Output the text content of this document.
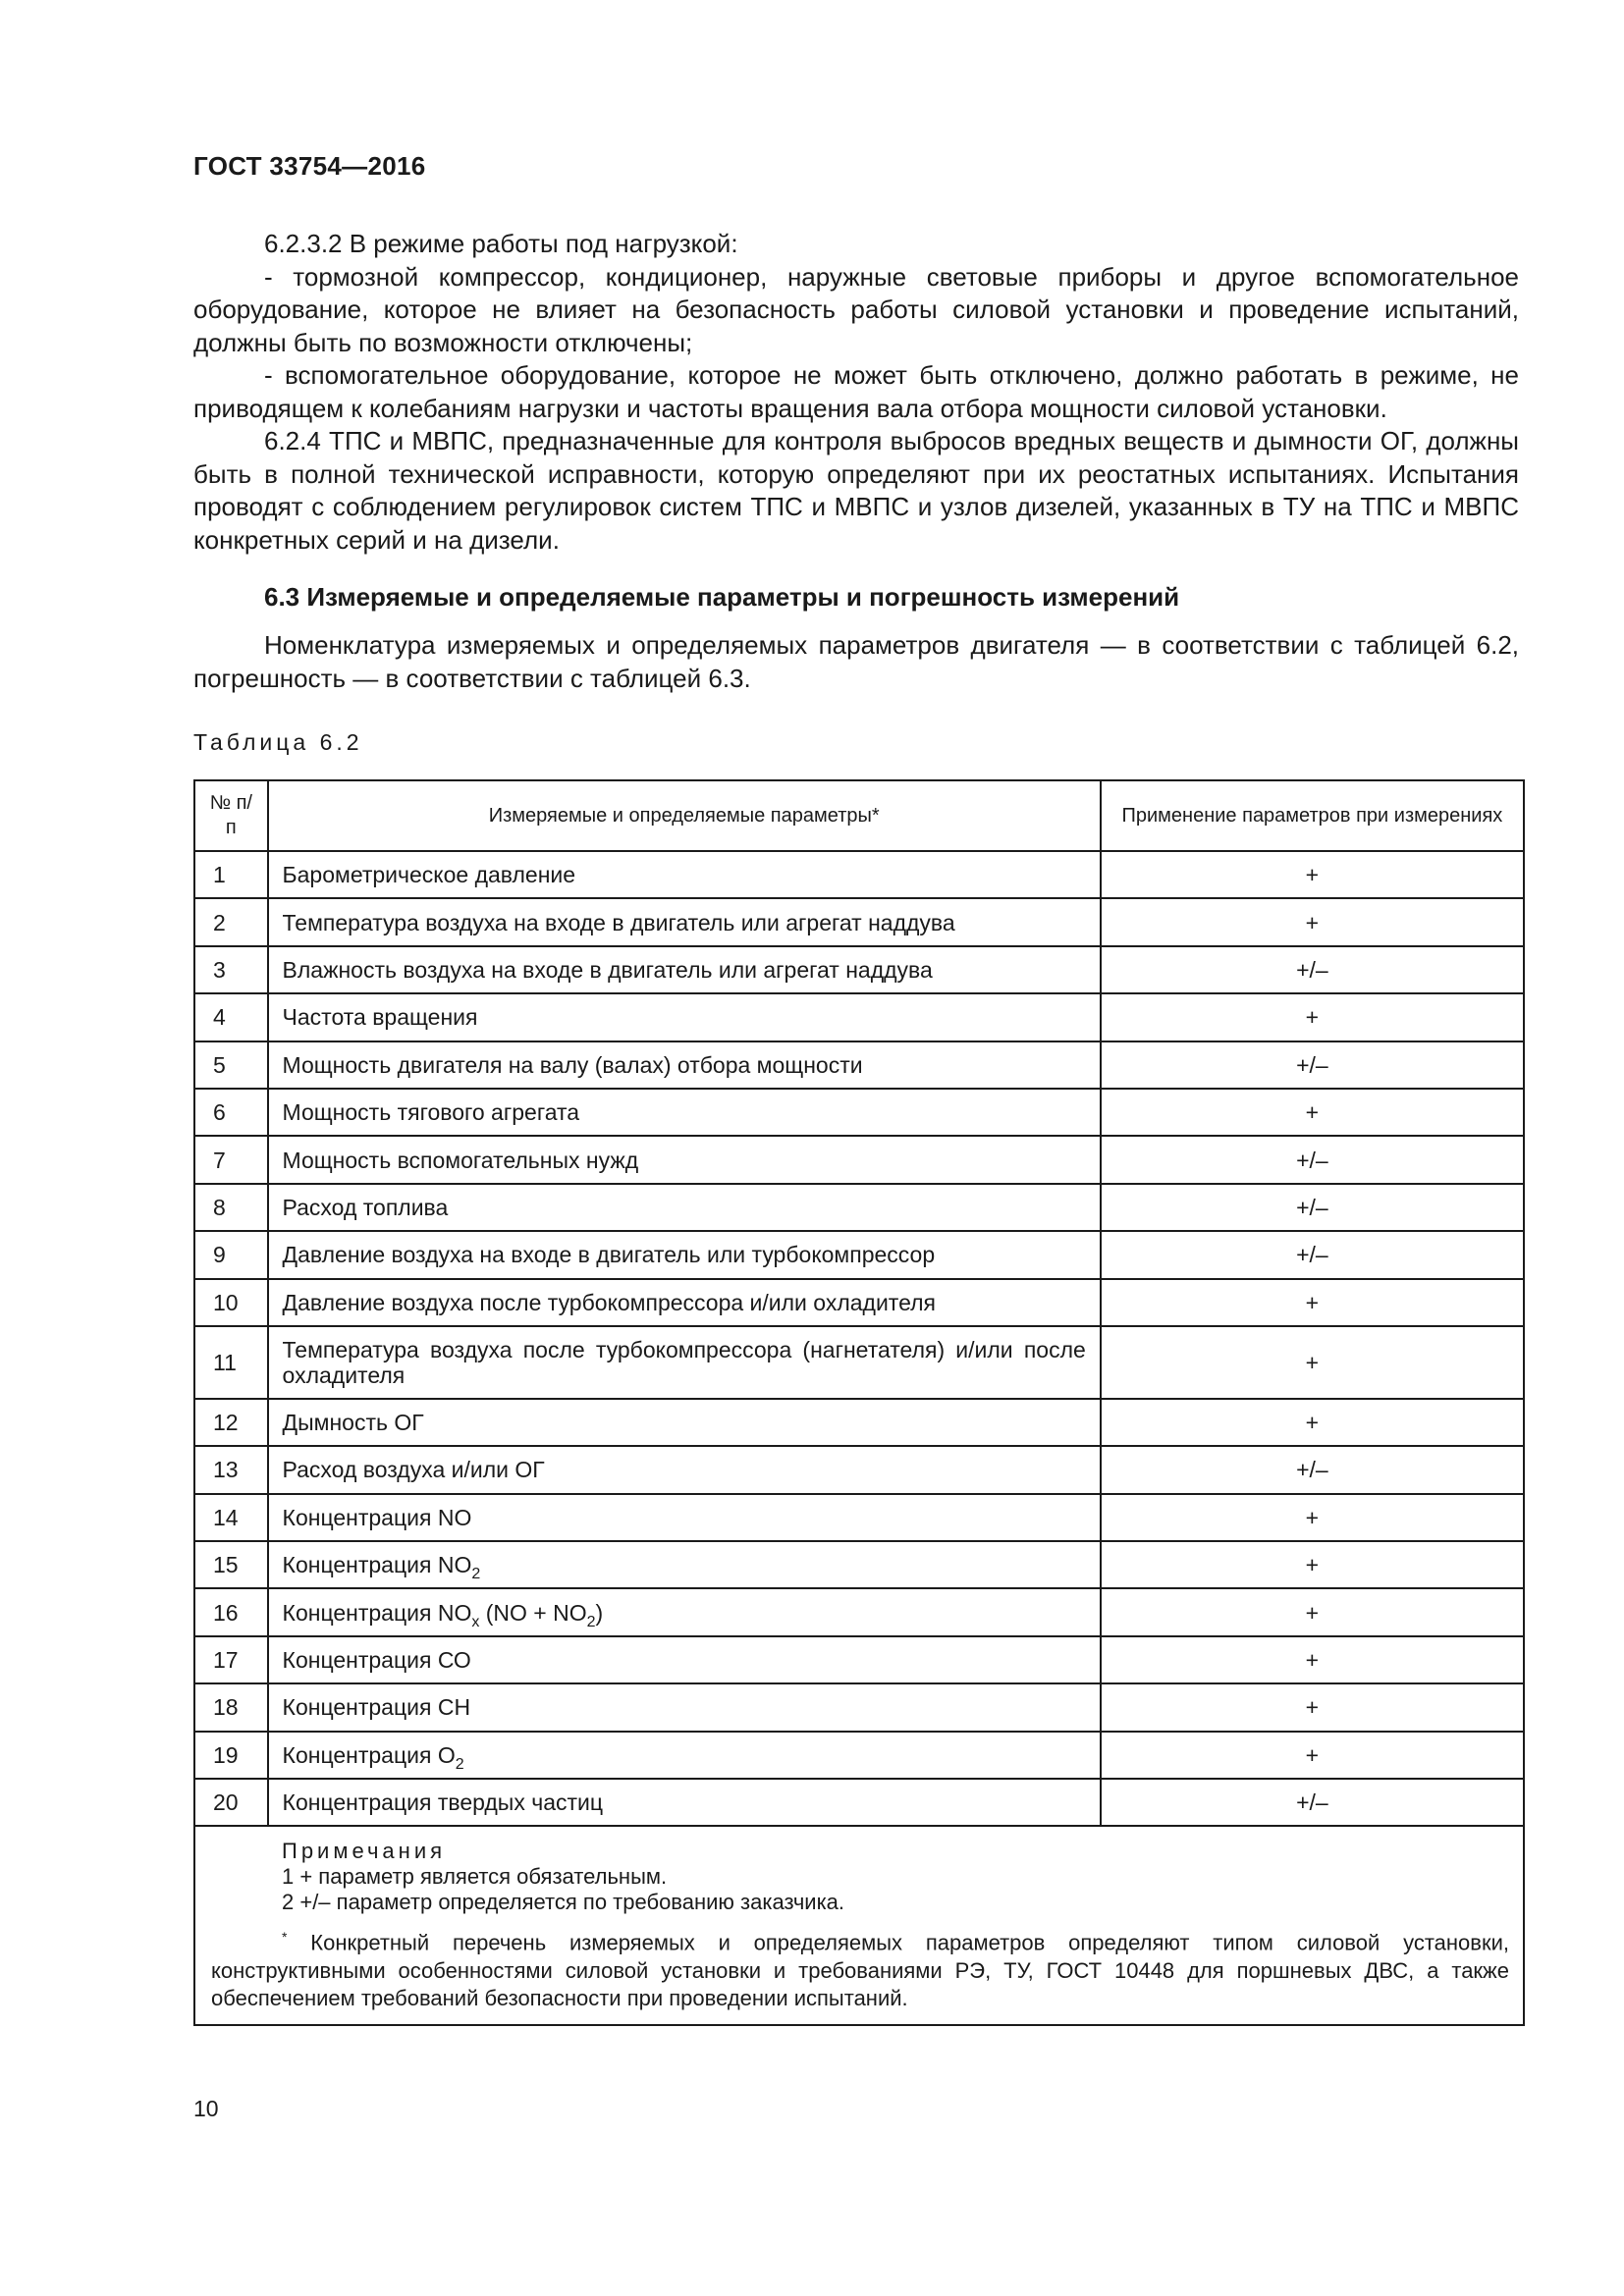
ГОСТ 33754—2016

6.2.3.2 В режиме работы под нагрузкой:

- тормозной компрессор, кондиционер, наружные световые приборы и другое вспомогательное оборудование, которое не влияет на безопасность работы силовой установки и проведение испытаний, должны быть по возможности отключены;

- вспомогательное оборудование, которое не может быть отключено, должно работать в режиме, не приводящем к колебаниям нагрузки и частоты вращения вала отбора мощности силовой установки.

6.2.4 ТПС и МВПС, предназначенные для контроля выбросов вредных веществ и дымности ОГ, должны быть в полной технической исправности, которую определяют при их реостатных испытаниях. Испытания проводят с соблюдением регулировок систем ТПС и МВПС и узлов дизелей, указанных в ТУ на ТПС и МВПС конкретных серий и на дизели.

6.3 Измеряемые и определяемые параметры и погрешность измерений

Номенклатура измеряемых и определяемых параметров двигателя — в соответствии с таблицей 6.2, погрешность — в соответствии с таблицей 6.3.

Таблица 6.2
№ п/п	Измеряемые и определяемые параметры*	Применение параметров при измерениях
1	Барометрическое давление	+
2	Температура воздуха на входе в двигатель или агрегат наддува	+
3	Влажность воздуха на входе в двигатель или агрегат наддува	+/–
4	Частота вращения	+
5	Мощность двигателя на валу (валах) отбора мощности	+/–
6	Мощность тягового агрегата	+
7	Мощность вспомогательных нужд	+/–
8	Расход топлива	+/–
9	Давление воздуха на входе в двигатель или турбокомпрессор	+/–
10	Давление воздуха после турбокомпрессора и/или охладителя	+
11	Температура воздуха после турбокомпрессора (нагнетателя) и/или после охладителя	+
12	Дымность ОГ	+
13	Расход воздуха и/или ОГ	+/–
14	Концентрация NO	+
15	Концентрация $NO_2$	+
16	Концентрация $NO_x$ $(NO + NO_2)$	+
17	Концентрация СО	+
18	Концентрация СН	+
19	Концентрация $О_2$	+
20	Концентрация твердых частиц	+/–

Примечания
1 + параметр является обязательным.
2 +/– параметр определяется по требованию заказчика.
* Конкретный перечень измеряемых и определяемых параметров определяют типом силовой установки, конструктивными особенностями силовой установки и требованиями РЭ, ТУ, ГОСТ 10448 для поршневых ДВС, а также обеспечением требований безопасности при проведении испытаний.		
10
